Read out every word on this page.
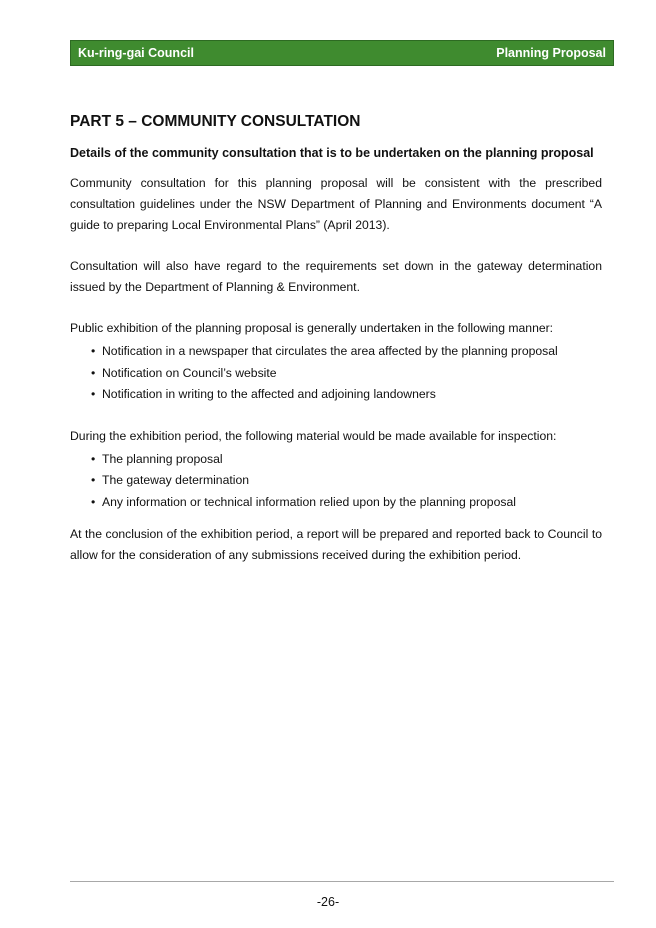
Ku-ring-gai Council	Planning Proposal
PART 5 – COMMUNITY CONSULTATION

Details of the community consultation that is to be undertaken on the planning proposal

Community consultation for this planning proposal will be consistent with the prescribed consultation guidelines under the NSW Department of Planning and Environments document “A guide to preparing Local Environmental Plans” (April 2013).

Consultation will also have regard to the requirements set down in the gateway determination issued by the Department of Planning & Environment.

Public exhibition of the planning proposal is generally undertaken in the following manner:

• Notification in a newspaper that circulates the area affected by the planning proposal
• Notification on Council’s website
• Notification in writing to the affected and adjoining landowners

During the exhibition period, the following material would be made available for inspection:

• The planning proposal
• The gateway determination
• Any information or technical information relied upon by the planning proposal

At the conclusion of the exhibition period, a report will be prepared and reported back to Council to allow for the consideration of any submissions received during the exhibition period.

-26-
